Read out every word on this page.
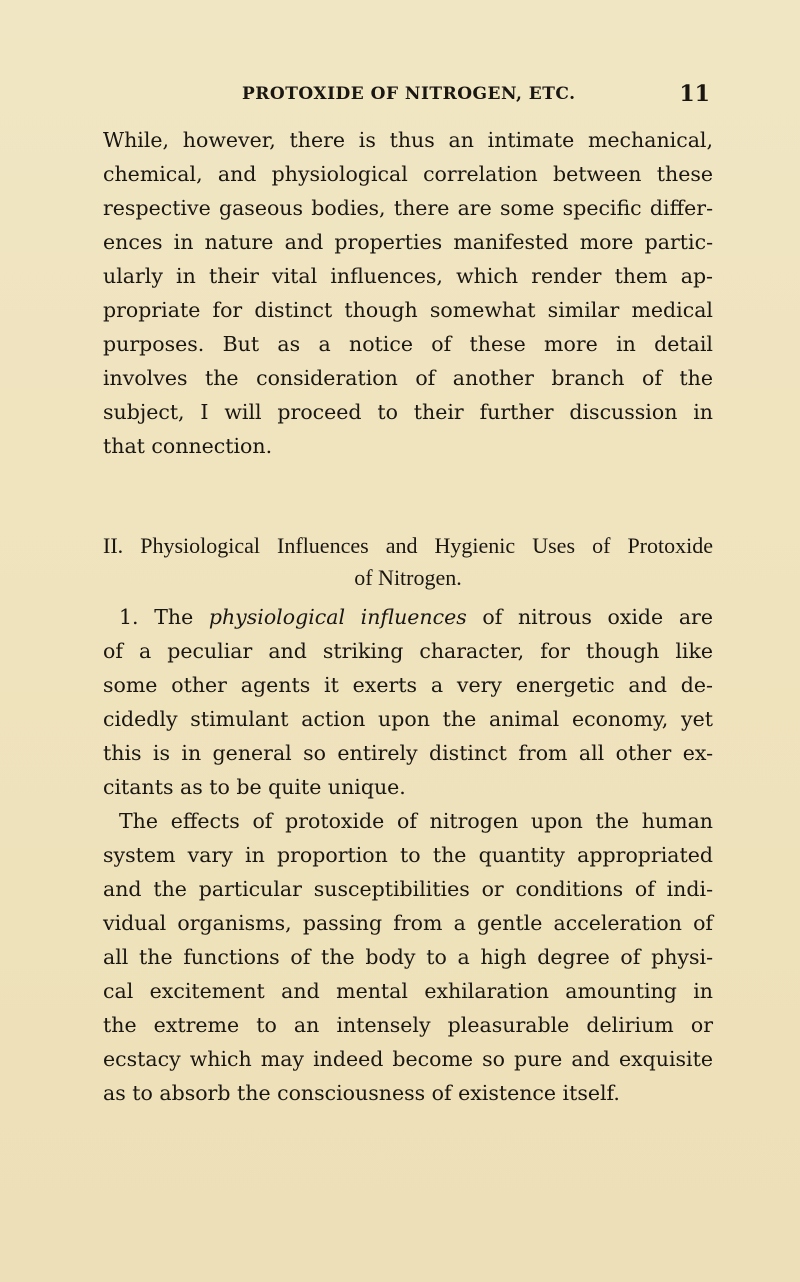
PROTOXIDE OF NITROGEN, ETC.	11
While, however, there is thus an intimate mechanical,
chemical, and physiological correlation between these
respective gaseous bodies, there are some specific differ-
ences in nature and properties manifested more partic-
ularly in their vital influences, which render them ap-
propriate for distinct though somewhat similar medical
purposes. But as a notice of these more in detail
involves the consideration of another branch of the
subject, I will proceed to their further discussion in
that connection.
II. Physiological Influences and Hygienic Uses of Protoxide
of Nitrogen.
1. The physiological influences of nitrous oxide are
of a peculiar and striking character, for though like
some other agents it exerts a very energetic and de-
cidedly stimulant action upon the animal economy, yet
this is in general so entirely distinct from all other ex-
citants as to be quite unique.
The effects of protoxide of nitrogen upon the human
system vary in proportion to the quantity appropriated
and the particular susceptibilities or conditions of indi-
vidual organisms, passing from a gentle acceleration of
all the functions of the body to a high degree of physi-
cal excitement and mental exhilaration amounting in
the extreme to an intensely pleasurable delirium or
ecstacy which may indeed become so pure and exquisite
as to absorb the consciousness of existence itself.
